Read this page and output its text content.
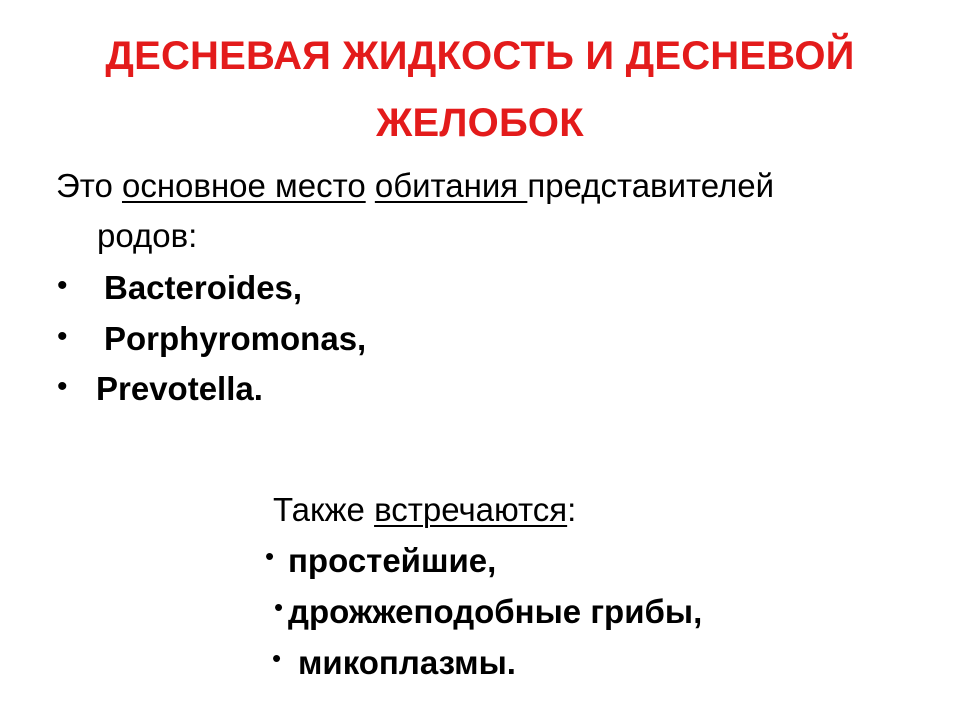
ДЕСНЕВАЯ ЖИДКОСТЬ И ДЕСНЕВОЙ
ЖЕЛОБОК
Это основное место обитания представителей
родов:
• Bacteroides,
• Porphyromonas,
• Prevotella.
Также встречаются:
• простейшие,
• дрожжеподобные грибы,
• микоплазмы.
